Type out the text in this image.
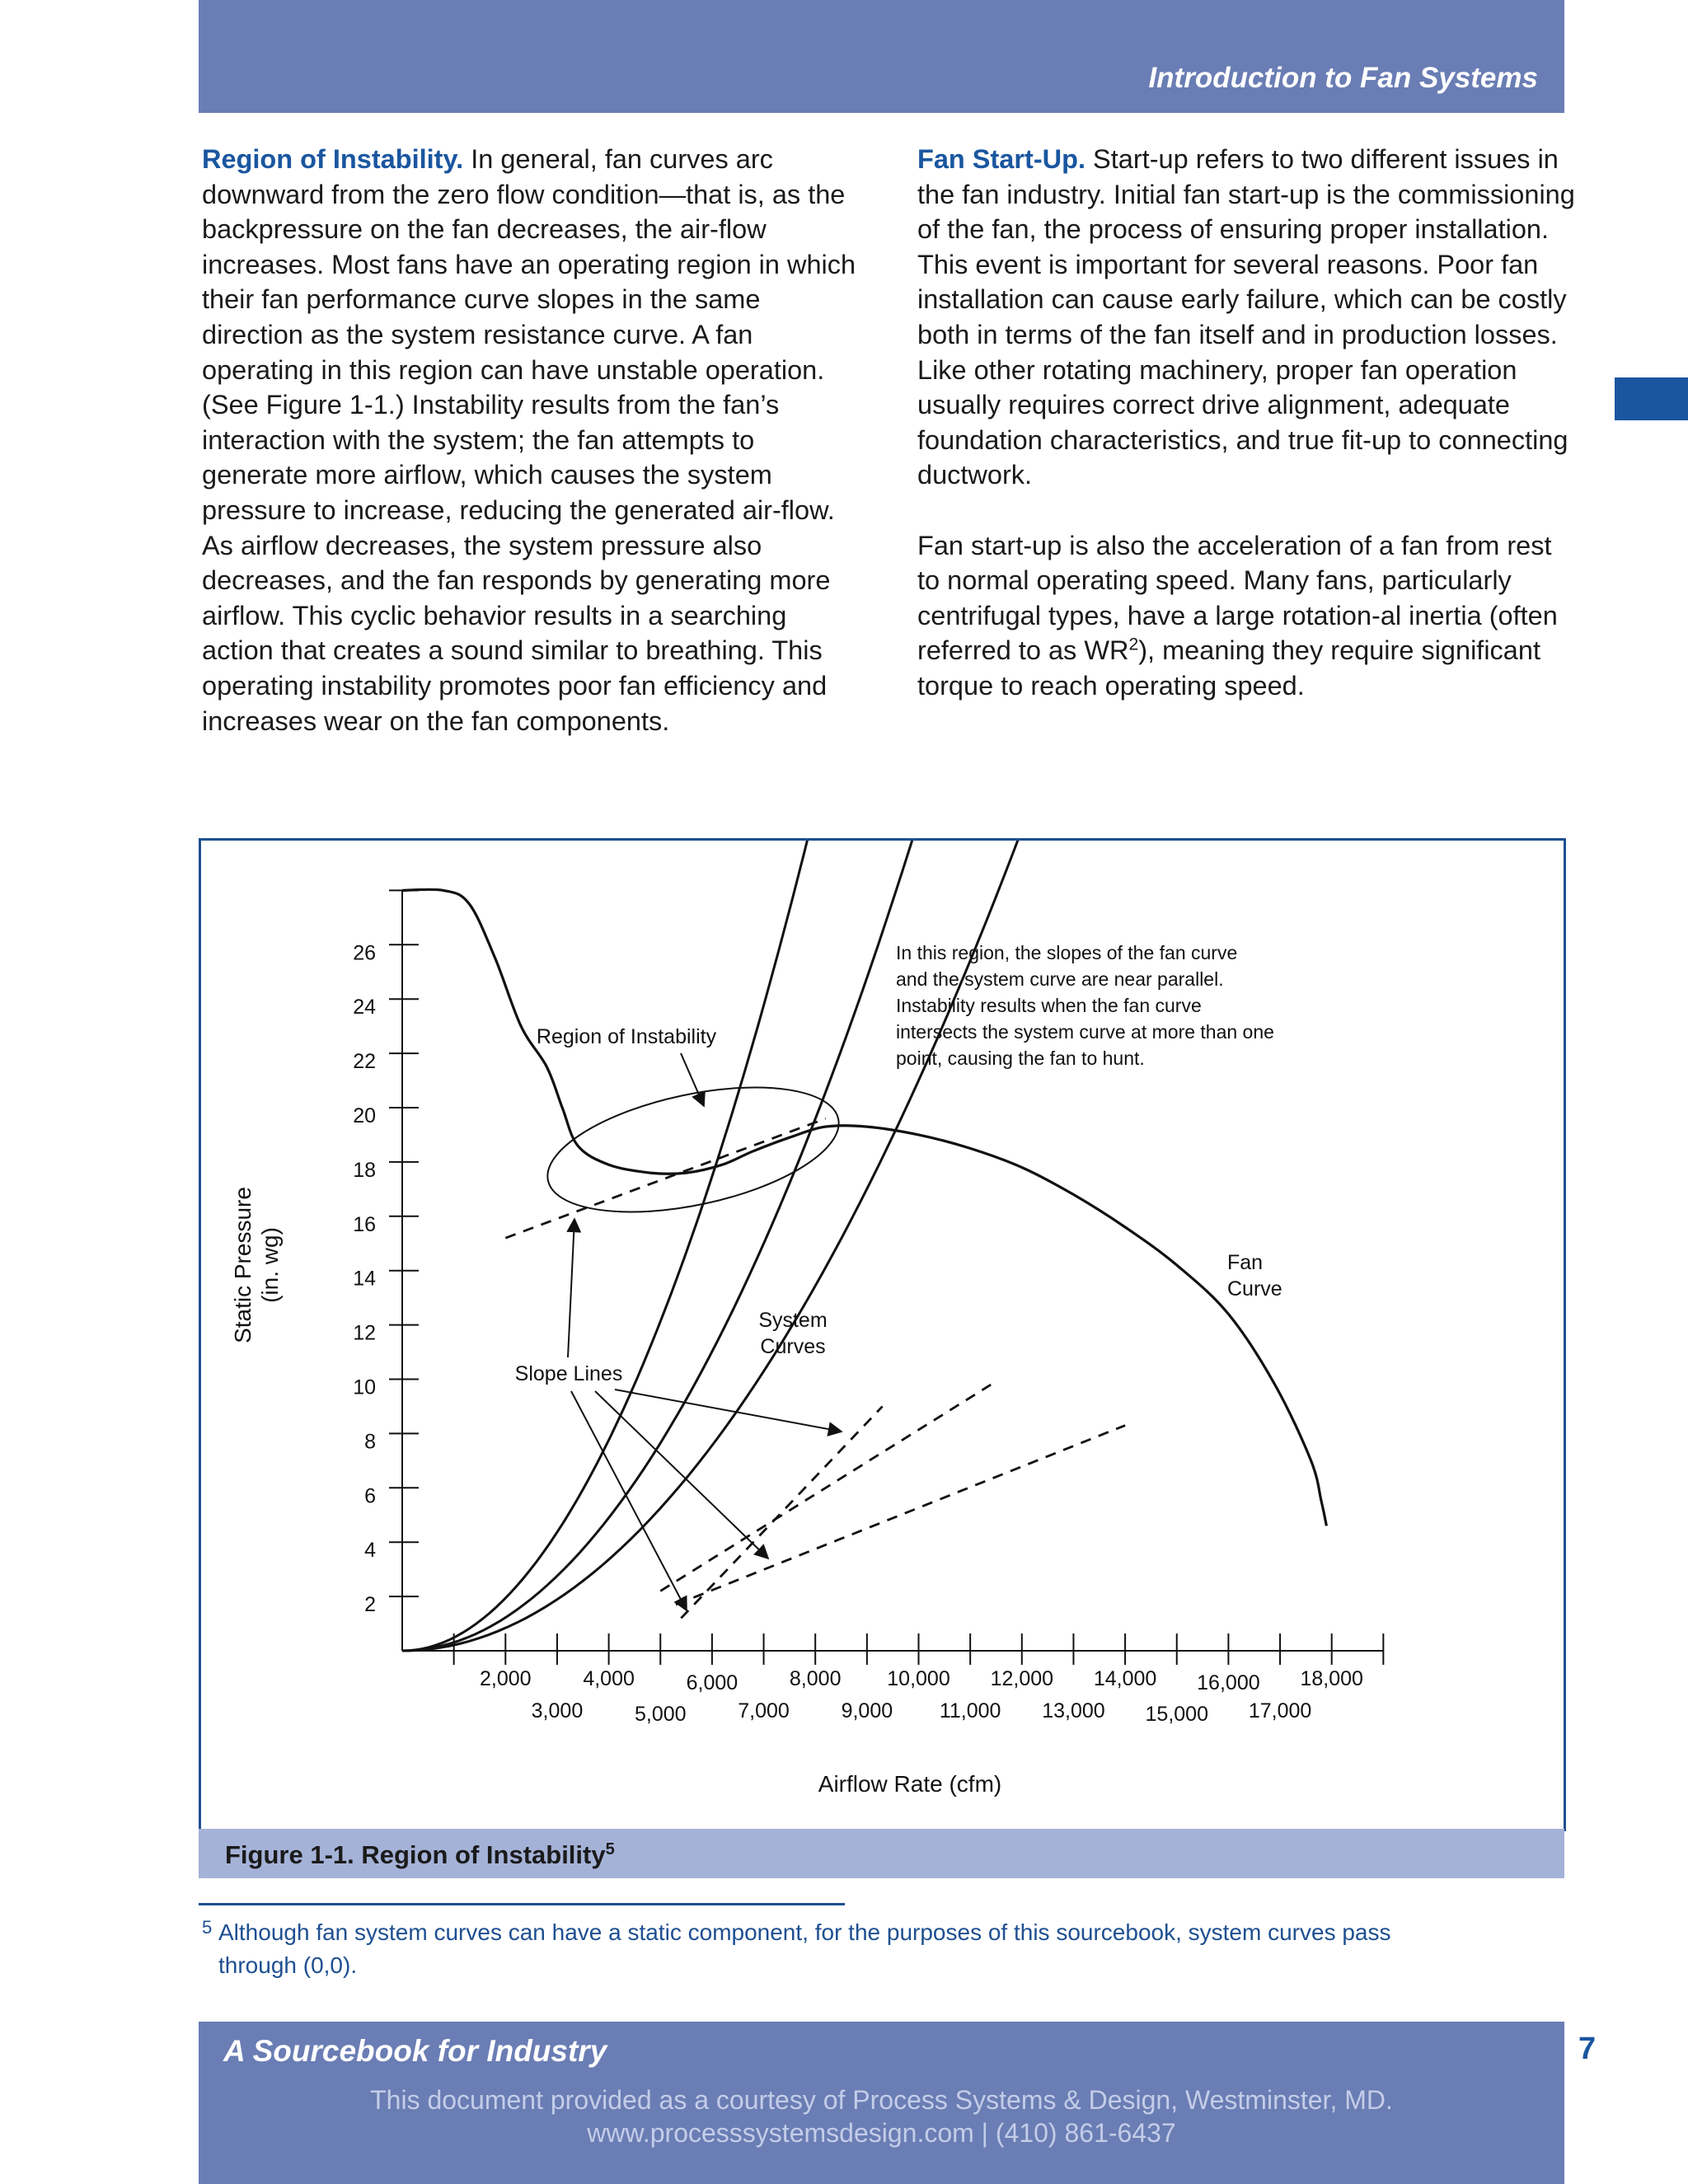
Introduction to Fan Systems

Region of Instability. In general, fan curves arc downward from the zero flow condition—that is, as the backpressure on the fan decreases, the air-flow increases. Most fans have an operating region in which their fan performance curve slopes in the same direction as the system resistance curve. A fan operating in this region can have unstable operation. (See Figure 1-1.) Instability results from the fan’s interaction with the system; the fan attempts to generate more airflow, which causes the system pressure to increase, reducing the generated air-flow. As airflow decreases, the system pressure also decreases, and the fan responds by generating more airflow. This cyclic behavior results in a searching action that creates a sound similar to breathing. This operating instability promotes poor fan efficiency and increases wear on the fan components.

Fan Start-Up. Start-up refers to two different issues in the fan industry. Initial fan start-up is the commissioning of the fan, the process of ensuring proper installation. This event is important for several reasons. Poor fan installation can cause early failure, which can be costly both in terms of the fan itself and in production losses. Like other rotating machinery, proper fan operation usually requires correct drive alignment, adequate foundation characteristics, and true fit-up to connecting ductwork.

Fan start-up is also the acceleration of a fan from rest to normal operating speed. Many fans, particularly centrifugal types, have a large rotation-al inertia (often referred to as $WR^2$), meaning they require significant torque to reach operating speed.

2
4
6
8
10
12
14
16
18
20
22
24
26
2,000	4,000	6,000	8,000 10,000 12,000 14,000 16,000 18,000
3,000	5,000	7,000	9,000 11,000 13,000 15,000 17,000
Region of Instability
In this region, the slopes of the fan curve
and the system curve are near parallel.
Instability results when the fan curve
intersects the system curve at more than one
point, causing the fan to hunt.
System
Curves
Fan
Curve
Slope Lines
Airflow Rate (cfm)
Static Pressure (in. wg)
Figure 1-1. Region of Instability$^5$
5 Although fan system curves can have a static component, for the purposes of this sourcebook, system curves pass through (0,0).
A Sourcebook for Industry
This document provided as a courtesy of Process Systems & Design, Westminster, MD.
www.processsystemsdesign.com | (410) 861-6437
7
